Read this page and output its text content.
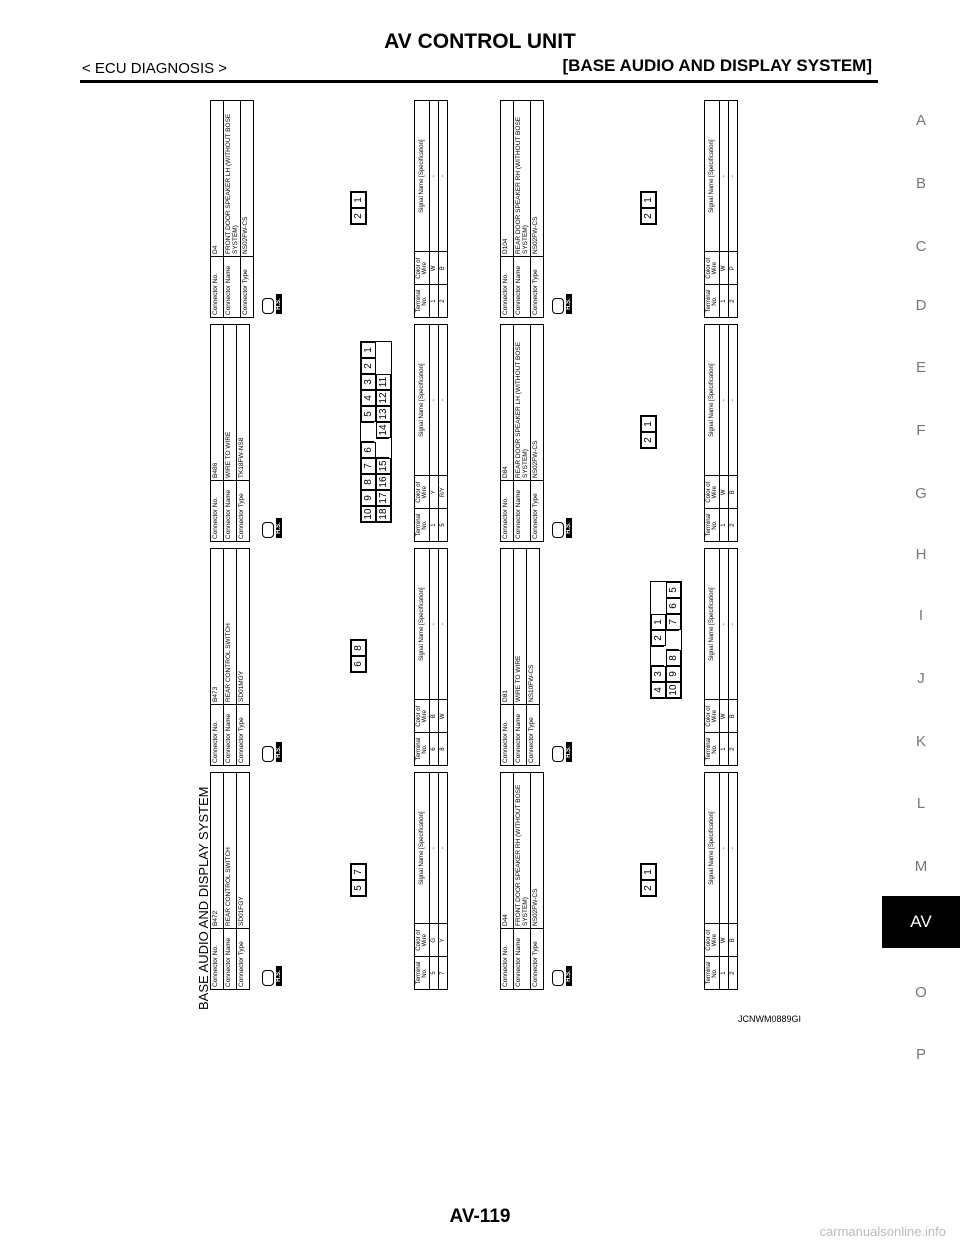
AV CONTROL UNIT
< ECU DIAGNOSIS >	[BASE AUDIO AND DISPLAY SYSTEM]
A
B
C
D
E
F
G
H
I
J
K
L
M
AV
O
P
BASE AUDIO AND DISPLAY SYSTEM Connector No.	B472
Connector Name	REAR CONTROL SWITCH
Connector Type	SD01FGY
H.S.
5
7
Terminal No.	Color of Wire	Signal Name [Specification]
5	G	-
7	Y	-
Connector No.	B473
Connector Name	REAR CONTROL SWITCH
Connector Type	SD01MGY
H.S.
6
8
Terminal No.	Color of Wire	Signal Name [Specification]
6	B	-
8	W	-
Connector No.	B486
Connector Name	WIRE TO WIRE
Connector Type	TK18FW-NS8
H.S.
10
9
8
7
6
5
4
3
2
1
18
17
16
15
14
13
12
11
Terminal No.	Color of Wire	Signal Name [Specification]
1	Y	-
5	R/Y	-
Connector No.	D4
Connector Name	FRONT DOOR SPEAKER LH (WITHOUT BOSE SYSTEM)
Connector Type	NS02FW-CS
H.S.
2
1
Terminal No.	Color of Wire	Signal Name [Specification]
1	W	-
2	B	-
Connector No.	D44
Connector Name	FRONT DOOR SPEAKER RH (WITHOUT BOSE SYSTEM)
Connector Type	NS02FW-CS
H.S.
2
1
Terminal No.	Color of Wire	Signal Name [Specification]
1	W	-
2	B	-
Connector No.	D81
Connector Name	WIRE TO WIRE
Connector Type	NS10FW-CS
H.S.
4
3
2
1
10
9
8
7
6
5
Terminal No.	Color of Wire	Signal Name [Specification]
1	W	-
2	B	-
Connector No.	D84
Connector Name	REAR DOOR SPEAKER LH (WITHOUT BOSE SYSTEM)
Connector Type	NS02FW-CS
H.S.
2
1
Terminal No.	Color of Wire	Signal Name [Specification]
1	W	-
2	B	-
Connector No.	D104
Connector Name	REAR DOOR SPEAKER RH (WITHOUT BOSE SYSTEM)
Connector Type	NS02FW-CS
H.S.
2
1
Terminal No.	Color of Wire	Signal Name [Specification]
1	W	-
2	P	-
JCNWM0889GI
AV-119
carmanualsonline.info
